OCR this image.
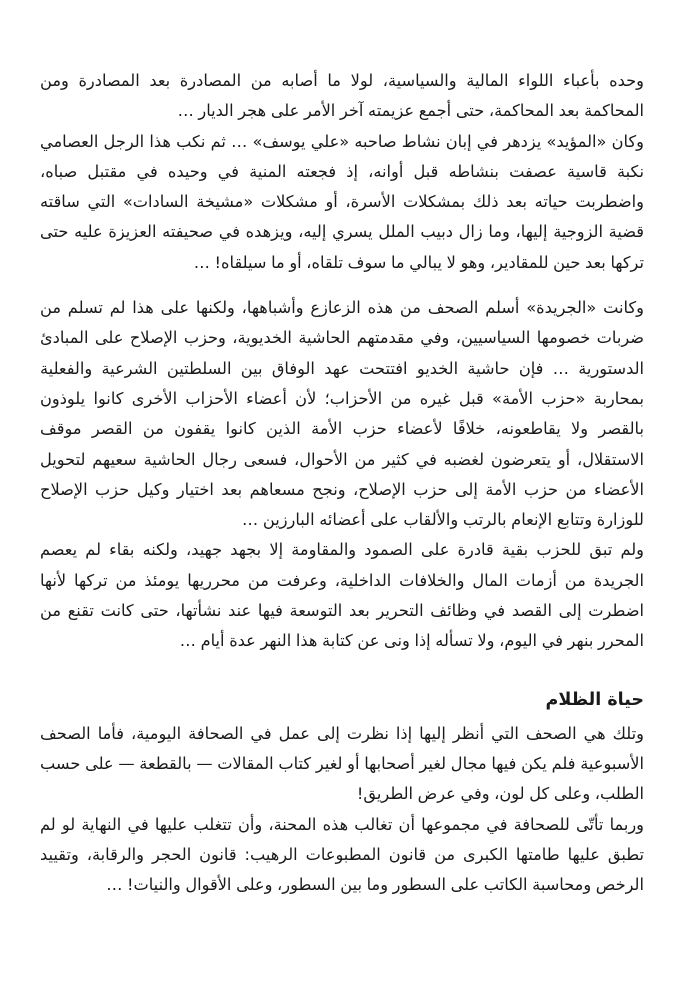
وحده بأعباء اللواء المالية والسياسية، لولا ما أصابه من المصادرة بعد المصادرة ومن المحاكمة بعد المحاكمة، حتى أجمع عزيمته آخر الأمر على هجر الديار …

وكان «المؤيد» يزدهر في إبان نشاط صاحبه «علي يوسف» … ثم نكب هذا الرجل العصامي نكبة قاسية عصفت بنشاطه قبل أوانه، إذ فجعته المنية في وحيده في مقتبل صباه، واضطربت حياته بعد ذلك بمشكلات الأسرة، أو مشكلات «مشيخة السادات» التي ساقته قضية الزوجية إليها، وما زال دبيب الملل يسري إليه، ويزهده في صحيفته العزيزة عليه حتى تركها بعد حين للمقادير، وهو لا يبالي ما سوف تلقاه، أو ما سيلقاه! …

وكانت «الجريدة» أسلم الصحف من هذه الزعازع وأشباهها، ولكنها على هذا لم تسلم من ضربات خصومها السياسيين، وفي مقدمتهم الحاشية الخديوية، وحزب الإصلاح على المبادئ الدستورية … فإن حاشية الخديو افتتحت عهد الوفاق بين السلطتين الشرعية والفعلية بمحاربة «حزب الأمة» قبل غيره من الأحزاب؛ لأن أعضاء الأحزاب الأخرى كانوا يلوذون بالقصر ولا يقاطعونه، خلافًا لأعضاء حزب الأمة الذين كانوا يقفون من القصر موقف الاستقلال، أو يتعرضون لغضبه في كثير من الأحوال، فسعى رجال الحاشية سعيهم لتحويل الأعضاء من حزب الأمة إلى حزب الإصلاح، ونجح مسعاهم بعد اختيار وكيل حزب الإصلاح للوزارة وتتابع الإنعام بالرتب والألقاب على أعضائه البارزين …

ولم تبق للحزب بقية قادرة على الصمود والمقاومة إلا بجهد جهيد، ولكنه بقاء لم يعصم الجريدة من أزمات المال والخلافات الداخلية، وعرفت من محرريها يومئذ من تركها لأنها اضطرت إلى القصد في وظائف التحرير بعد التوسعة فيها عند نشأتها، حتى كانت تقنع من المحرر بنهر في اليوم، ولا تسأله إذا ونى عن كتابة هذا النهر عدة أيام …

حياة الظلام

وتلك هي الصحف التي أنظر إليها إذا نظرت إلى عمل في الصحافة اليومية، فأما الصحف الأسبوعية فلم يكن فيها مجال لغير أصحابها أو لغير كتاب المقالات — بالقطعة — على حسب الطلب، وعلى كل لون، وفي عرض الطريق!

وربما تأتّى للصحافة في مجموعها أن تغالب هذه المحنة، وأن تتغلب عليها في النهاية لو لم تطبق عليها طامتها الكبرى من قانون المطبوعات الرهيب: قانون الحجر والرقابة، وتقييد الرخص ومحاسبة الكاتب على السطور وما بين السطور، وعلى الأقوال والنيات! …
